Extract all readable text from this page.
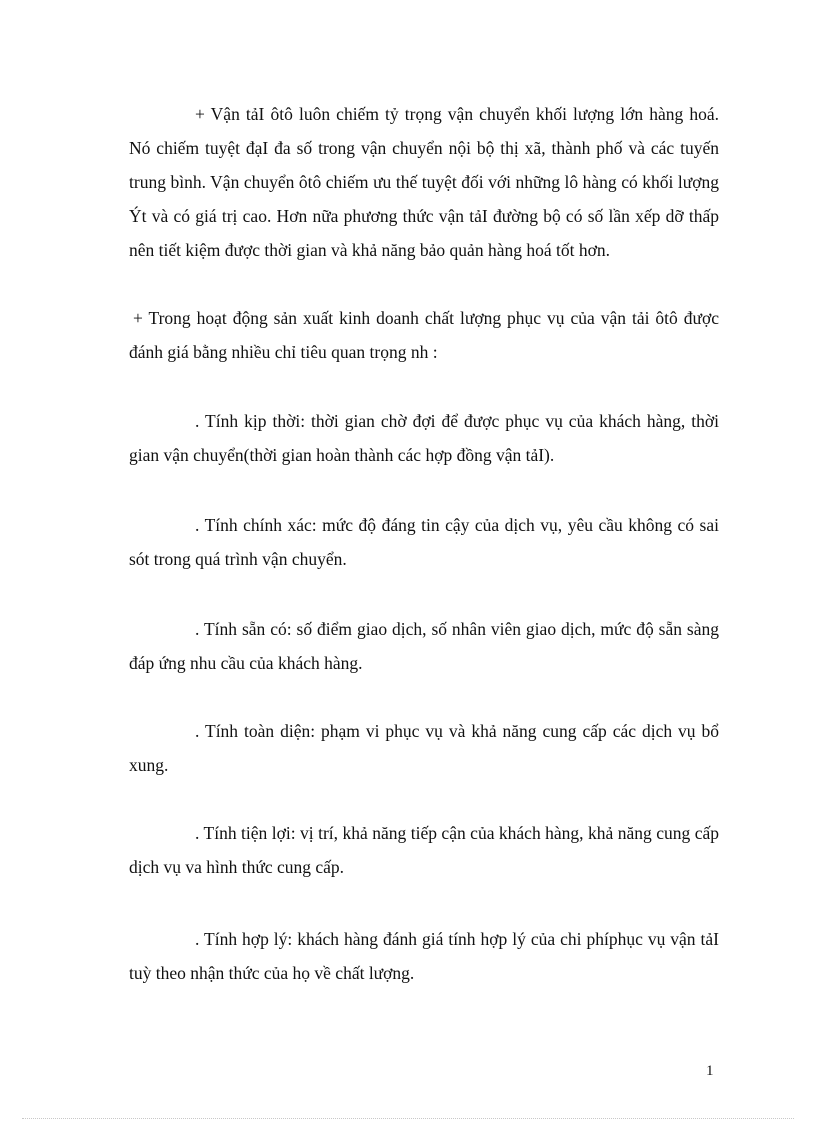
+ Vận tảI ôtô luôn chiếm tỷ trọng vận chuyển khối lượng lớn hàng hoá. Nó chiếm tuyệt đạI đa số trong vận chuyển nội bộ thị xã, thành phố và các tuyến trung bình. Vận chuyển ôtô chiếm ưu thế tuyệt đối với những lô hàng có khối lượng Ýt và có giá trị cao. Hơn nữa phương thức vận tảI đường bộ có số lần xếp dỡ thấp nên tiết kiệm được thời gian và khả năng bảo quản hàng hoá tốt hơn.

+ Trong hoạt động sản xuất kinh doanh chất lượng phục vụ của vận tải ôtô được đánh giá bằng nhiều chỉ tiêu quan trọng nh :

. Tính kịp thời: thời gian chờ đợi để được phục vụ của khách hàng, thời gian vận chuyển(thời gian hoàn thành các hợp đồng vận tảI).

. Tính chính xác: mức độ đáng tin cậy của dịch vụ, yêu cầu không có sai sót trong quá trình vận chuyển.

. Tính sẵn có: số điểm giao dịch, số nhân viên giao dịch, mức độ sẵn sàng đáp ứng nhu cầu của khách hàng.

. Tính toàn diện: phạm vi phục vụ và khả năng cung cấp các dịch vụ bổ xung.

. Tính tiện lợi: vị trí, khả năng tiếp cận của khách hàng, khả năng cung cấp dịch vụ va hình thức cung cấp.

. Tính hợp lý: khách hàng đánh giá tính hợp lý của chi phíphục vụ vận tảI tuỳ theo nhận thức của họ về chất lượng.

1
